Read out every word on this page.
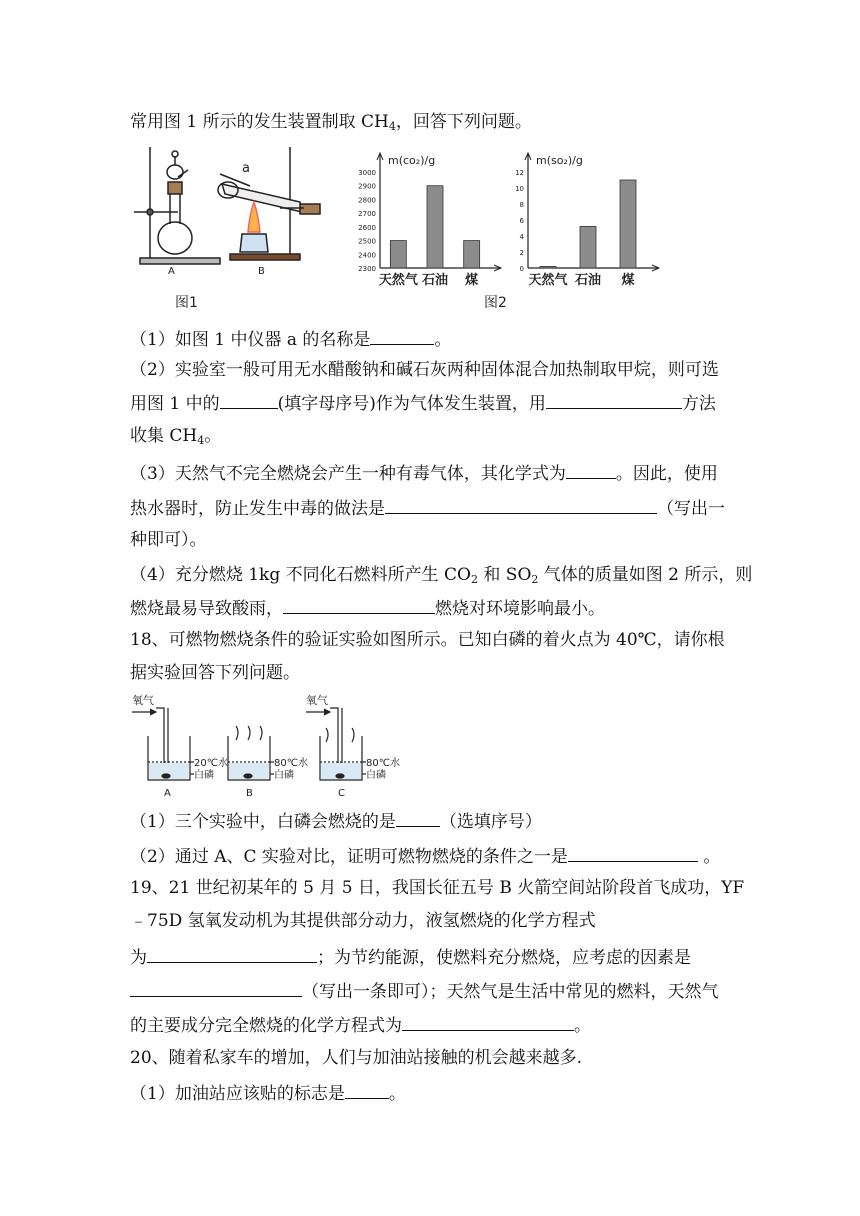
常用图 1 所示的发生装置制取 $CH_4$，回答下列问题。
A	B
a
图1
m(co₂)/g
3000
2900
2800
2700
2600
2500
2400
2300
天然气 石油 煤
m(so₂)/g
12
10
8
6
4
2
0
天然气 石油 煤
图2
（1）如图 1 中仪器 a 的名称是	。
（2）实验室一般可用无水醋酸钠和碱石灰两种固体混合加热制取甲烷，则可选
用图 1 中的	(填字母序号)作为气体发生装置，用	方法
收集 $CH_4$。
（3）天然气不完全燃烧会产生一种有毒气体，其化学式为	。因此，使用
热水器时，防止发生中毒的做法是	（写出一
种即可）。
（4）充分燃烧 1kg 不同化石燃料所产生 $CO_2$ 和 $SO_2$ 气体的质量如图 2 所示，则
燃烧最易导致酸雨，	燃烧对环境影响最小。
18、可燃物燃烧条件的验证实验如图所示。已知白磷的着火点为 40℃，请你根
据实验回答下列问题。
氧气
20℃水
白磷
A
80℃水
白磷
B
氧气
80℃水
白磷
C
（1）三个实验中，白磷会燃烧的是	（选填序号）
（2）通过 A、C 实验对比，证明可燃物燃烧的条件之一是	。
19、21 世纪初某年的 5 月 5 日，我国长征五号 B 火箭空间站阶段首飞成功，YF
﹣75D 氢氧发动机为其提供部分动力，液氢燃烧的化学方程式
为	；为节约能源，使燃料充分燃烧，应考虑的因素是
（写出一条即可）；天然气是生活中常见的燃料，天然气
的主要成分完全燃烧的化学方程式为	。
20、随着私家车的增加，人们与加油站接触的机会越来越多.
（1）加油站应该贴的标志是	。
